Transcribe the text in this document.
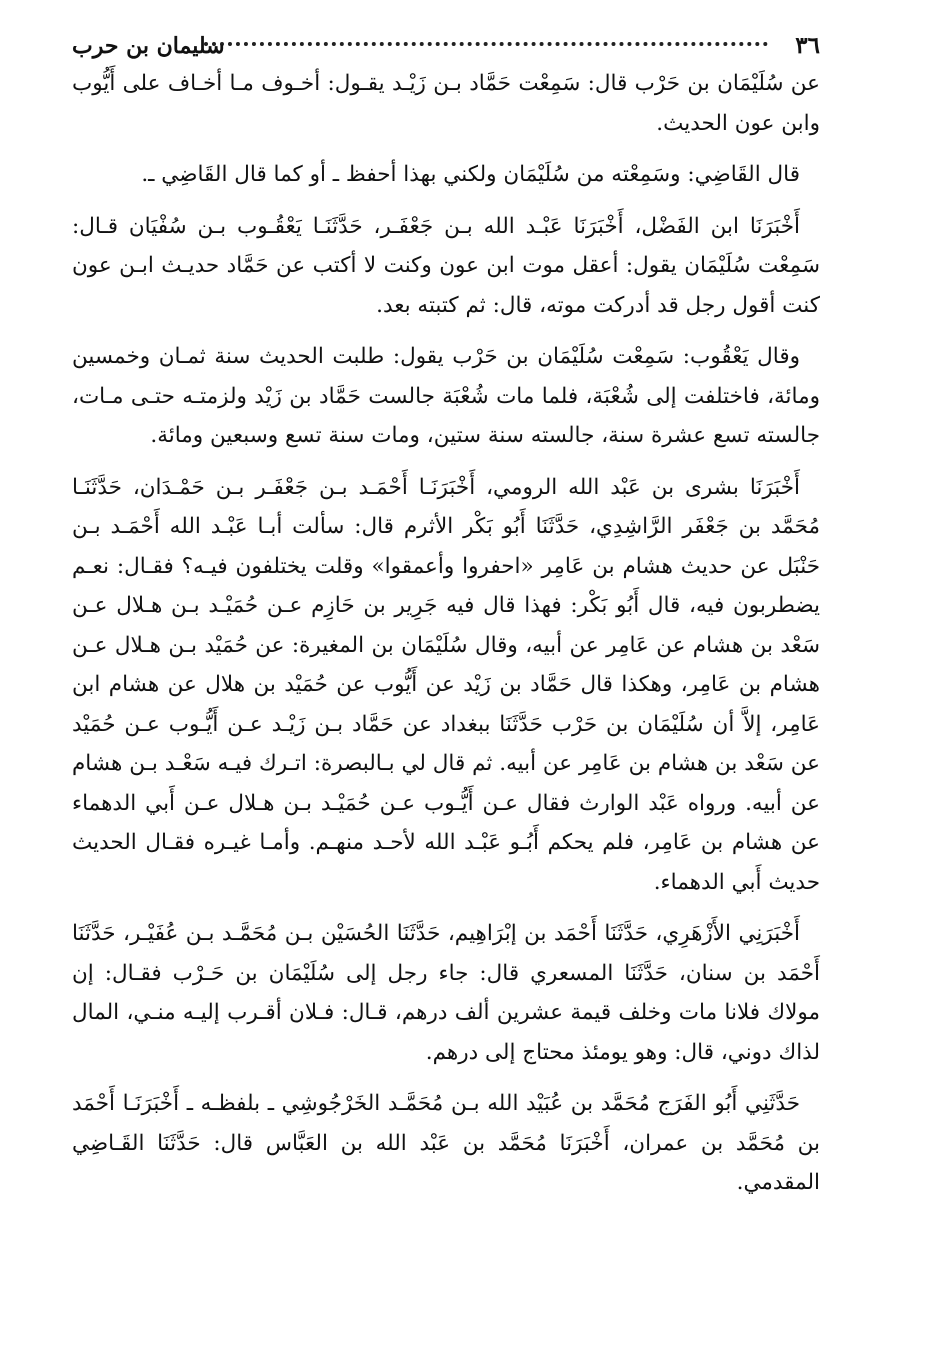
٣٦
سليمان بن حرب

عن سُلَيْمَان بن حَرْب قال: سَمِعْت حَمَّاد بـن زَيْـد يقـول: أخـوف مـا أخـاف على أَيُّوب وابن عون الحديث.

قال القَاضِي: وسَمِعْته من سُلَيْمَان ولكني بهذا أحفظ ـ أو كما قال القَاضِي ـ.

أَخْبَرَنَا ابن الفَضْل، أَخْبَرَنَا عَبْـد الله بـن جَعْفَـر، حَدَّثَنَـا يَعْقُـوب بـن سُفْيَان قـال: سَمِعْت سُلَيْمَان يقول: أعقل موت ابن عون وكنت لا أكتب عن حَمَّاد حديـث ابـن عون كنت أقول رجل قد أدركت موته، قال: ثم كتبته بعد.

وقال يَعْقُوب: سَمِعْت سُلَيْمَان بن حَرْب يقول: طلبت الحديث سنة ثمـان وخمسين ومائة، فاختلفت إلى شُعْبَة، فلما مات شُعْبَة جالست حَمَّاد بن زَيْد ولزمتـه حتـى مـات، جالسته تسع عشرة سنة، جالسته سنة ستين، ومات سنة تسع وسبعين ومائة.

أَخْبَرَنَا بشرى بن عَبْد الله الرومي، أَخْبَرَنَـا أَحْمَـد بـن جَعْفَـر بـن حَمْـدَان، حَدَّثَنَـا مُحَمَّد بن جَعْفَر الرَّاشِدِي، حَدَّثَنَا أَبُو بَكْر الأثرم قال: سألت أبـا عَبْـد الله أَحْمَـد بـن حَنْبَل عن حديث هشام بن عَامِر «احفروا وأعمقوا» وقلت يختلفون فيـه؟ فقـال: نعـم يضطربون فيه، قال أَبُو بَكْر: فهذا قال فيه جَرِير بن حَازِم عـن حُمَيْـد بـن هـلال عـن سَعْد بن هشام عن عَامِر عن أبيه، وقال سُلَيْمَان بن المغيرة: عن حُمَيْد بـن هـلال عـن هشام بن عَامِر، وهكذا قال حَمَّاد بن زَيْد عن أَيُّوب عن حُمَيْد بن هلال عن هشام ابن عَامِر، إلاَّ أن سُلَيْمَان بن حَرْب حَدَّثَنَا ببغداد عن حَمَّاد بـن زَيْـد عـن أَيُّـوب عـن حُمَيْد عن سَعْد بن هشام بن عَامِر عن أبيه. ثم قال لي بـالبصرة: اتـرك فيـه سَعْـد بـن هشام عن أبيه. ورواه عَبْد الوارث فقال عـن أَيُّـوب عـن حُمَيْـد بـن هـلال عـن أَبي الدهماء عن هشام بن عَامِر، فلم يحكم أَبُـو عَبْـد الله لأحـد منهـم. وأمـا غيـره فقـال الحديث حديث أَبي الدهماء.

أَخْبَرَنِي الأَزْهَرِي، حَدَّثَنَا أَحْمَد بن إبْرَاهِيم، حَدَّثَنَا الحُسَيْن بـن مُحَمَّـد بـن عُفَيْـر، حَدَّثَنَا أَحْمَد بن سنان، حَدَّثَنَا المسعري قال: جاء رجل إلى سُلَيْمَان بن حَـرْب فقـال: إن مولاك فلانا مات وخلف قيمة عشرين ألف درهم، قـال: فـلان أقـرب إليـه منـي، المال لذاك دوني، قال: وهو يومئذ محتاج إلى درهم.

حَدَّثَنِي أَبُو الفَرَج مُحَمَّد بن عُبَيْد الله بـن مُحَمَّـد الخَرْجُوشِي ـ بلفظـه ـ أَخْبَرَنَـا أَحْمَد بن مُحَمَّد بن عمران، أَخْبَرَنَا مُحَمَّد بن عَبْد الله بن العَبَّاس قال: حَدَّثَنَا القَـاضِي المقدمي.
